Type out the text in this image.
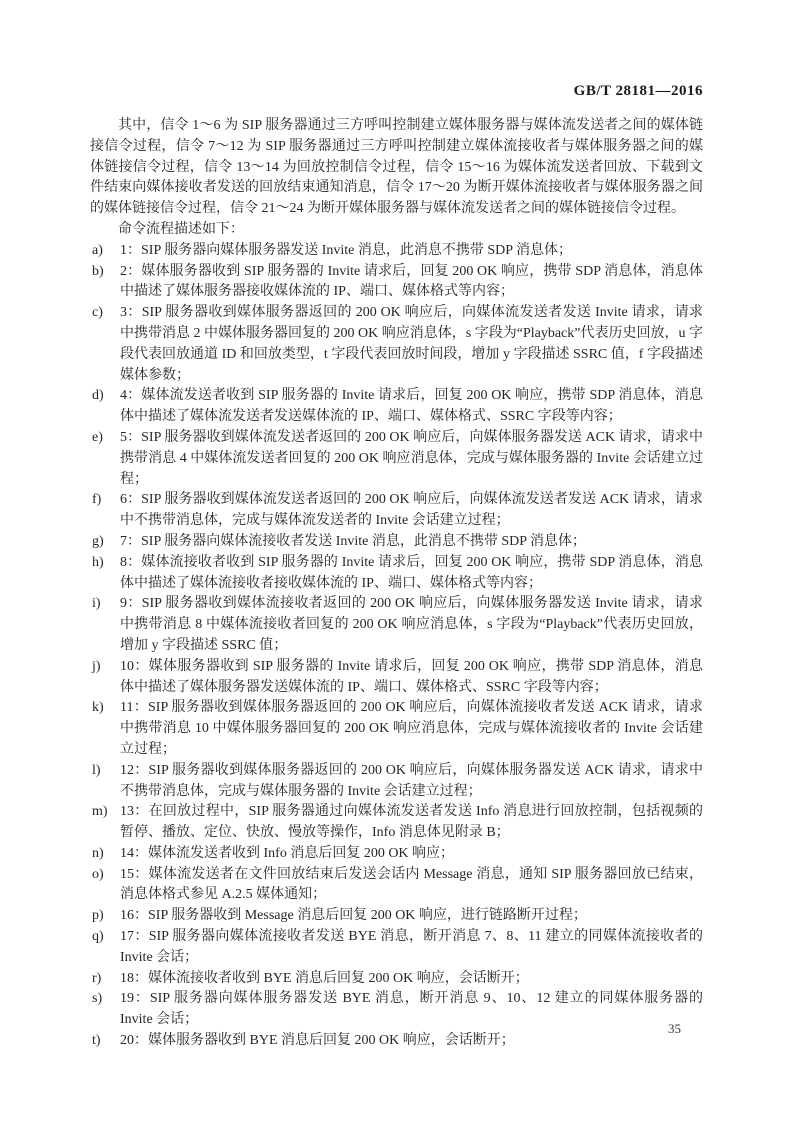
GB/T 28181—2016

其中，信令 1～6 为 SIP 服务器通过三方呼叫控制建立媒体服务器与媒体流发送者之间的媒体链接信令过程，信令 7～12 为 SIP 服务器通过三方呼叫控制建立媒体流接收者与媒体服务器之间的媒体链接信令过程，信令 13～14 为回放控制信令过程，信令 15～16 为媒体流发送者回放、下载到文件结束向媒体接收者发送的回放结束通知消息，信令 17～20 为断开媒体流接收者与媒体服务器之间的媒体链接信令过程，信令 21～24 为断开媒体服务器与媒体流发送者之间的媒体链接信令过程。

命令流程描述如下：

a)	1：SIP 服务器向媒体服务器发送 Invite 消息，此消息不携带 SDP 消息体；
b)	2：媒体服务器收到 SIP 服务器的 Invite 请求后，回复 200 OK 响应，携带 SDP 消息体，消息体中描述了媒体服务器接收媒体流的 IP、端口、媒体格式等内容；
c)	3：SIP 服务器收到媒体服务器返回的 200 OK 响应后，向媒体流发送者发送 Invite 请求，请求中携带消息 2 中媒体服务器回复的 200 OK 响应消息体，s 字段为“Playback”代表历史回放，u 字段代表回放通道 ID 和回放类型，t 字段代表回放时间段，增加 y 字段描述 SSRC 值，f 字段描述媒体参数；
d)	4：媒体流发送者收到 SIP 服务器的 Invite 请求后，回复 200 OK 响应，携带 SDP 消息体，消息体中描述了媒体流发送者发送媒体流的 IP、端口、媒体格式、SSRC 字段等内容；
e)	5：SIP 服务器收到媒体流发送者返回的 200 OK 响应后，向媒体服务器发送 ACK 请求，请求中携带消息 4 中媒体流发送者回复的 200 OK 响应消息体，完成与媒体服务器的 Invite 会话建立过程；
f)	6：SIP 服务器收到媒体流发送者返回的 200 OK 响应后，向媒体流发送者发送 ACK 请求，请求中不携带消息体，完成与媒体流发送者的 Invite 会话建立过程；
g)	7：SIP 服务器向媒体流接收者发送 Invite 消息，此消息不携带 SDP 消息体；
h)	8：媒体流接收者收到 SIP 服务器的 Invite 请求后，回复 200 OK 响应，携带 SDP 消息体，消息体中描述了媒体流接收者接收媒体流的 IP、端口、媒体格式等内容；
i)	9：SIP 服务器收到媒体流接收者返回的 200 OK 响应后，向媒体服务器发送 Invite 请求，请求中携带消息 8 中媒体流接收者回复的 200 OK 响应消息体，s 字段为“Playback”代表历史回放，增加 y 字段描述 SSRC 值；
j)	10：媒体服务器收到 SIP 服务器的 Invite 请求后，回复 200 OK 响应，携带 SDP 消息体，消息体中描述了媒体服务器发送媒体流的 IP、端口、媒体格式、SSRC 字段等内容；
k)	11：SIP 服务器收到媒体服务器返回的 200 OK 响应后，向媒体流接收者发送 ACK 请求，请求中携带消息 10 中媒体服务器回复的 200 OK 响应消息体，完成与媒体流接收者的 Invite 会话建立过程；
l)	12：SIP 服务器收到媒体服务器返回的 200 OK 响应后，向媒体服务器发送 ACK 请求，请求中不携带消息体，完成与媒体服务器的 Invite 会话建立过程；
m) 13：在回放过程中，SIP 服务器通过向媒体流发送者发送 Info 消息进行回放控制，包括视频的暂停、播放、定位、快放、慢放等操作，Info 消息体见附录 B；
n)	14：媒体流发送者收到 Info 消息后回复 200 OK 响应；
o)	15：媒体流发送者在文件回放结束后发送会话内 Message 消息，通知 SIP 服务器回放已结束，消息体格式参见 A.2.5 媒体通知；
p)	16：SIP 服务器收到 Message 消息后回复 200 OK 响应，进行链路断开过程；
q)	17：SIP 服务器向媒体流接收者发送 BYE 消息，断开消息 7、8、11 建立的同媒体流接收者的 Invite 会话；
r)	18：媒体流接收者收到 BYE 消息后回复 200 OK 响应，会话断开；
s)	19：SIP 服务器向媒体服务器发送 BYE 消息，断开消息 9、10、12 建立的同媒体服务器的 Invite 会话；
t)	20：媒体服务器收到 BYE 消息后回复 200 OK 响应，会话断开；
35
